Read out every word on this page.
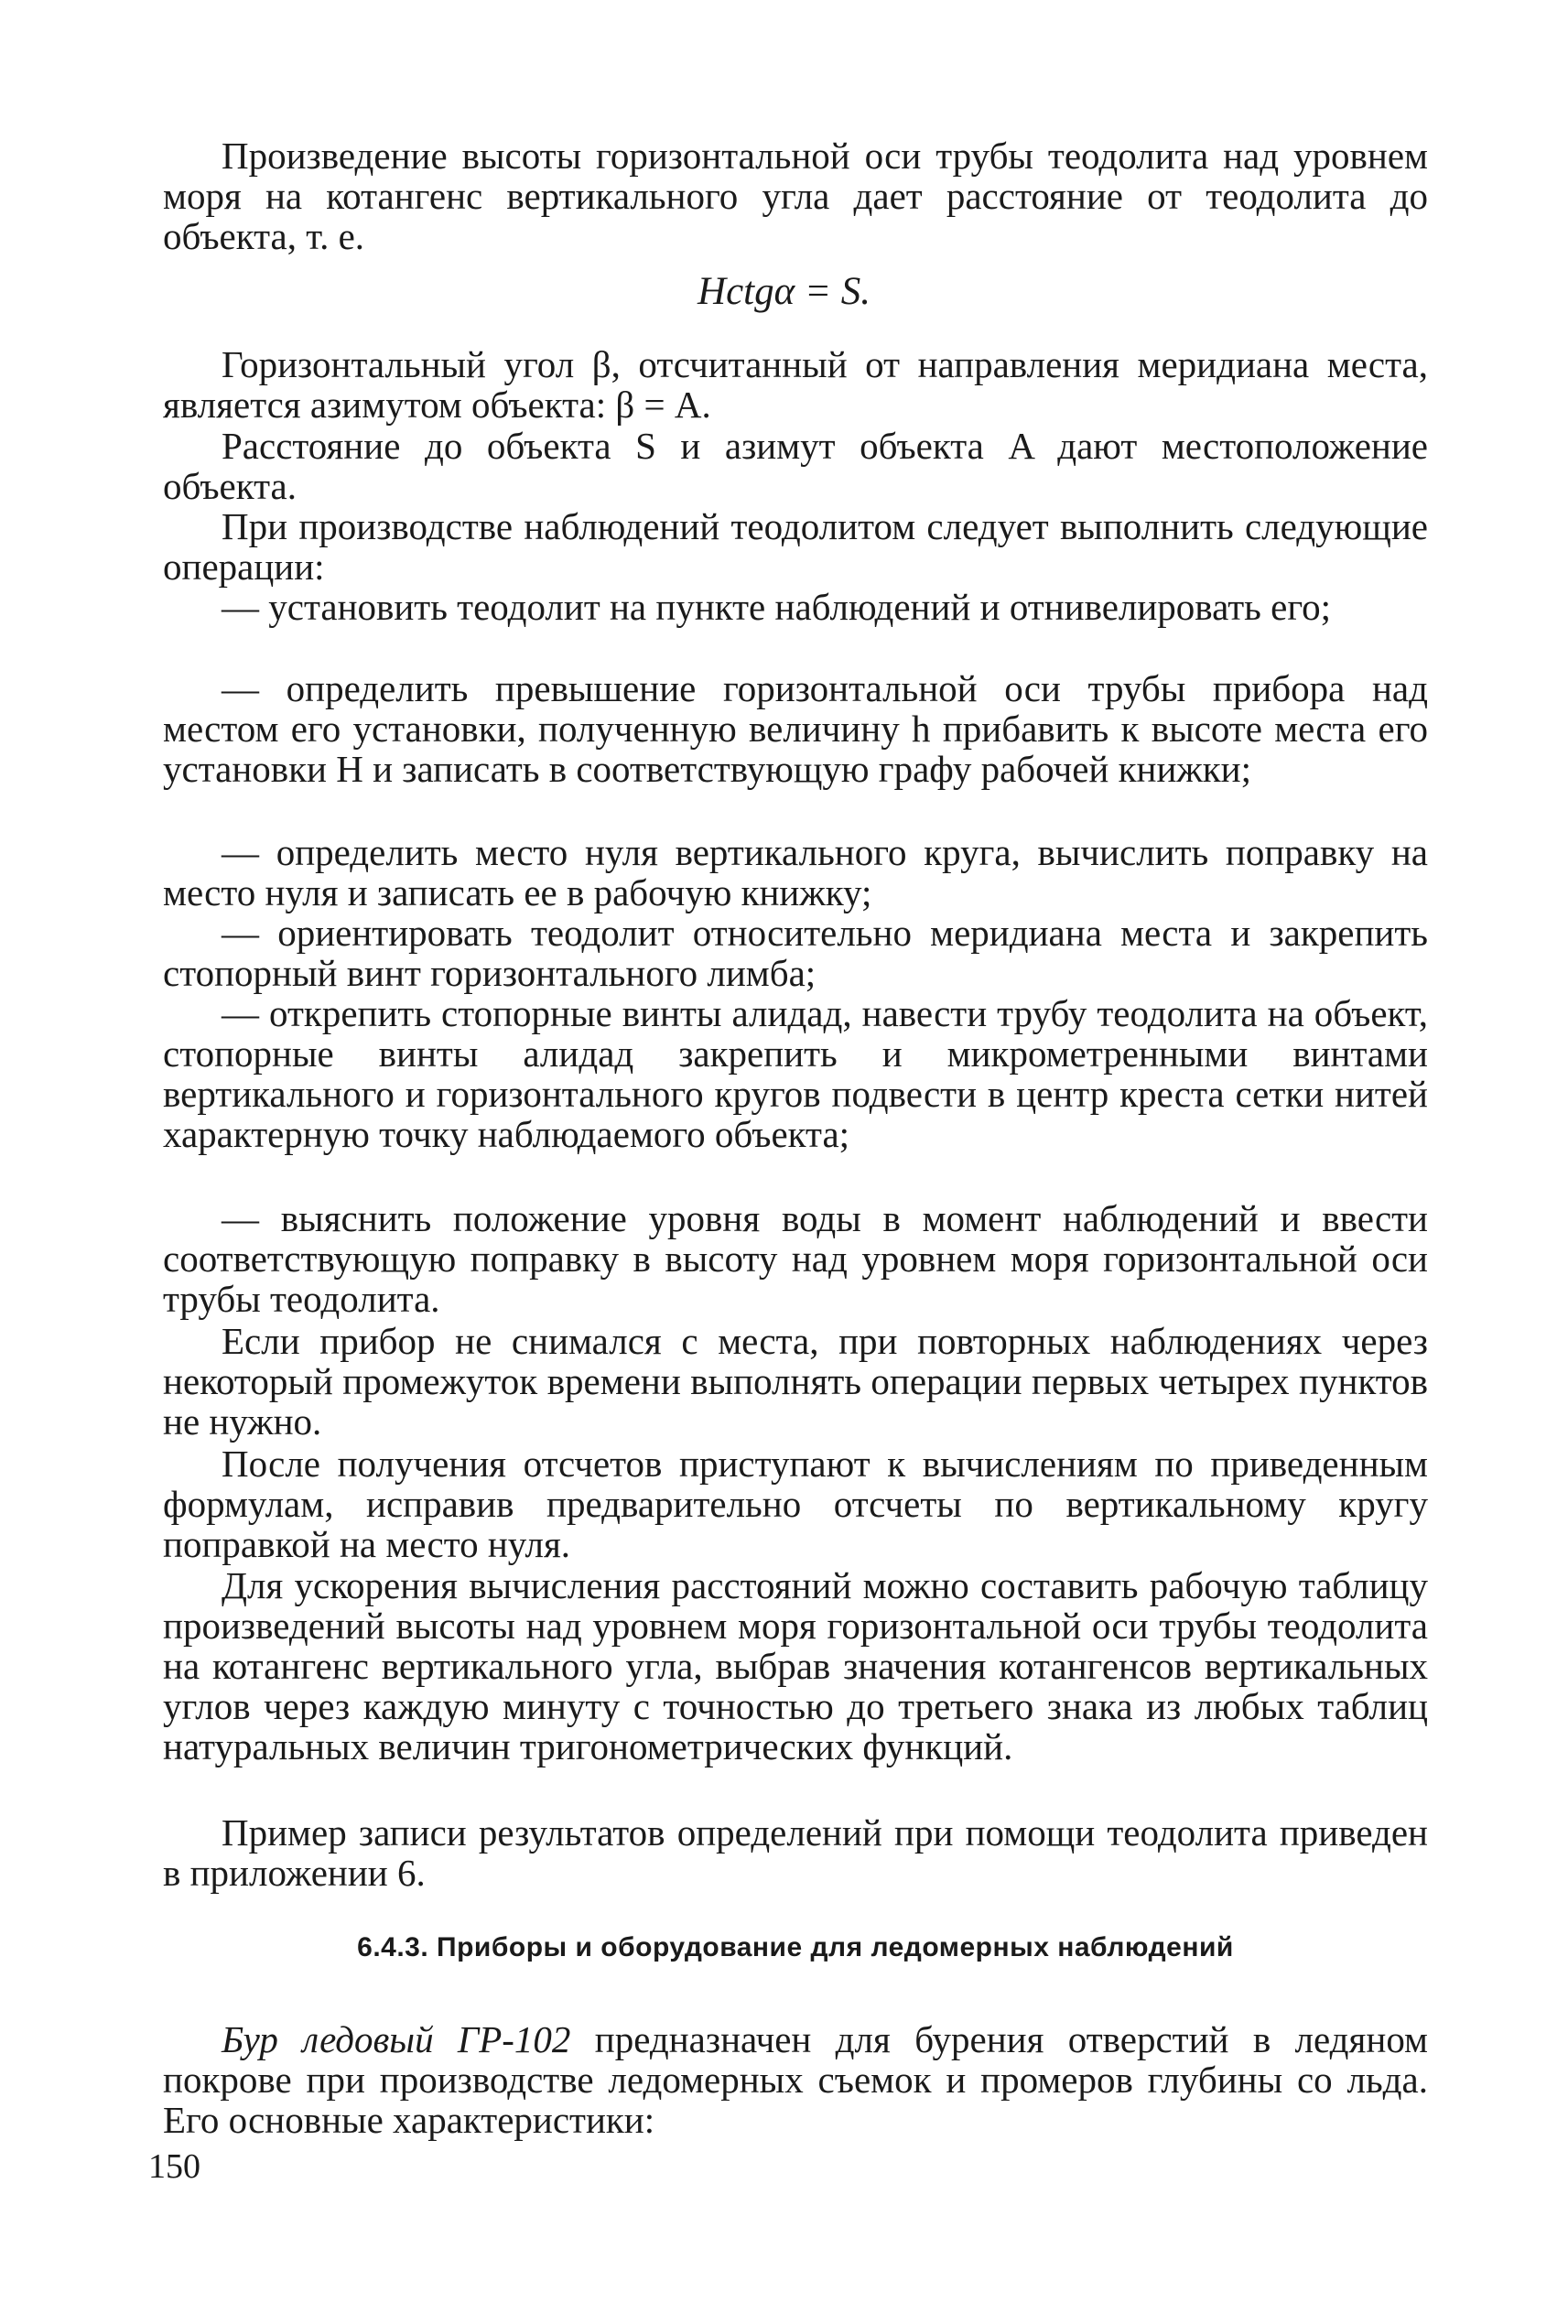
Произведение высоты горизонтальной оси трубы теодолита над уровнем моря на котангенс вертикального угла дает расстояние от теодолита до объекта, т. е.

Hctgα = S.

Горизонтальный угол β, отсчитанный от направления меридиана места, является азимутом объекта: β = A.

Расстояние до объекта S и азимут объекта A дают местоположение объекта.

При производстве наблюдений теодолитом следует выполнить следующие операции:

— установить теодолит на пункте наблюдений и отнивелировать его;

— определить превышение горизонтальной оси трубы прибора над местом его установки, полученную величину h прибавить к высоте места его установки H и записать в соответствующую графу рабочей книжки;

— определить место нуля вертикального круга, вычислить поправку на место нуля и записать ее в рабочую книжку;

— ориентировать теодолит относительно меридиана места и закрепить стопорный винт горизонтального лимба;

— открепить стопорные винты алидад, навести трубу теодолита на объект, стопорные винты алидад закрепить и микрометренными винтами вертикального и горизонтального кругов подвести в центр креста сетки нитей характерную точку наблюдаемого объекта;

— выяснить положение уровня воды в момент наблюдений и ввести соответствующую поправку в высоту над уровнем моря горизонтальной оси трубы теодолита.

Если прибор не снимался с места, при повторных наблюдениях через некоторый промежуток времени выполнять операции первых четырех пунктов не нужно.

После получения отсчетов приступают к вычислениям по приведенным формулам, исправив предварительно отсчеты по вертикальному кругу поправкой на место нуля.

Для ускорения вычисления расстояний можно составить рабочую таблицу произведений высоты над уровнем моря горизонтальной оси трубы теодолита на котангенс вертикального угла, выбрав значения котангенсов вертикальных углов через каждую минуту с точностью до третьего знака из любых таблиц натуральных величин тригонометрических функций.

Пример записи результатов определений при помощи теодолита приведен в приложении 6.

6.4.3. Приборы и оборудование для ледомерных наблюдений

Бур ледовый ГР-102 предназначен для бурения отверстий в ледяном покрове при производстве ледомерных съемок и промеров глубины со льда. Его основные характеристики:

150
